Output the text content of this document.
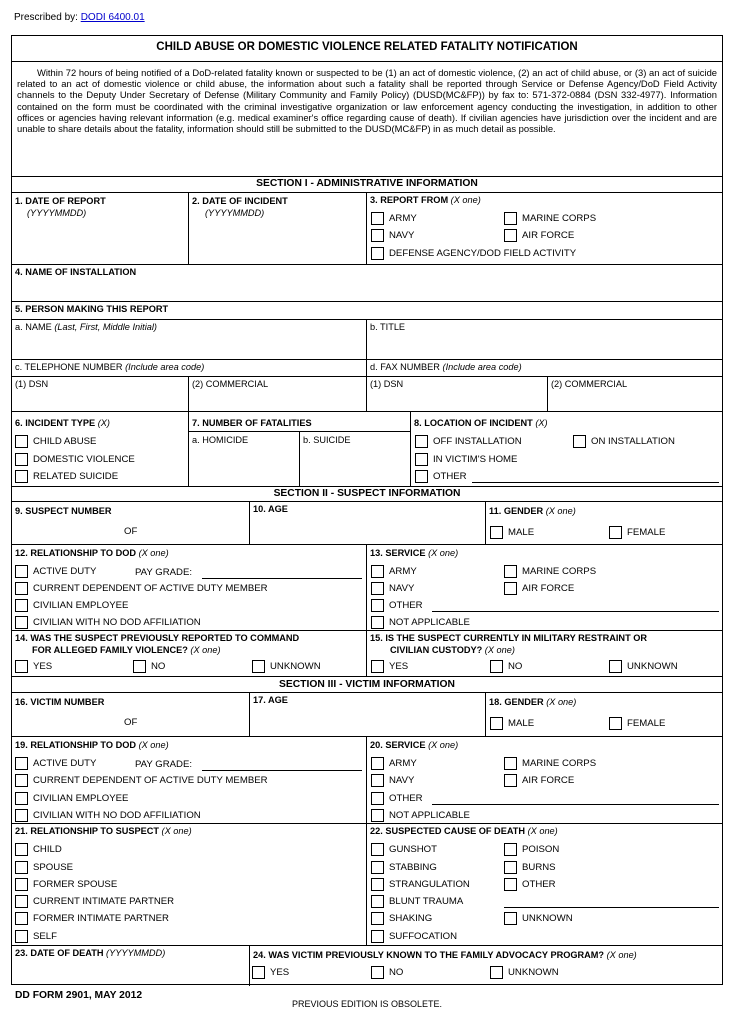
Prescribed by: DODI 6400.01
CHILD ABUSE OR DOMESTIC VIOLENCE RELATED FATALITY NOTIFICATION
Within 72 hours of being notified of a DoD-related fatality known or suspected to be (1) an act of domestic violence, (2) an act of child abuse, or (3) an act of suicide related to an act of domestic violence or child abuse, the information about such a fatality shall be reported through Service or Defense Agency/DoD Field Activity channels to the Deputy Under Secretary of Defense (Military Community and Family Policy) (DUSD(MC&FP)) by fax to: 571-372-0884 (DSN 332-4977). Information contained on the form must be coordinated with the criminal investigative organization or law enforcement agency conducting the investigation, in addition to other offices or agencies having relevant information (e.g. medical examiner's office regarding cause of death). If civilian agencies have jurisdiction over the incident and are unable to share details about the fatality, information should still be submitted to the DUSD(MC&FP) in as much detail as possible.
SECTION I - ADMINISTRATIVE INFORMATION
1. DATE OF REPORT
(YYYYMMDD)
2. DATE OF INCIDENT
(YYYYMMDD)
3. REPORT FROM (X one)
ARMY	MARINE CORPS
NAVY	AIR FORCE
DEFENSE AGENCY/DOD FIELD ACTIVITY
4. NAME OF INSTALLATION
5. PERSON MAKING THIS REPORT
a. NAME (Last, First, Middle Initial)	b. TITLE
c. TELEPHONE NUMBER (Include area code)	d. FAX NUMBER (Include area code)
(1) DSN	(2) COMMERCIAL	(1) DSN	(2) COMMERCIAL
6. INCIDENT TYPE (X)
CHILD ABUSE
DOMESTIC VIOLENCE
RELATED SUICIDE
7. NUMBER OF FATALITIES
a. HOMICIDE	b. SUICIDE
8. LOCATION OF INCIDENT (X)
OFF INSTALLATION	ON INSTALLATION
IN VICTIM'S HOME
OTHER
SECTION II - SUSPECT INFORMATION
9. SUSPECT NUMBER
OF
10. AGE	11. GENDER (X one)
MALE	FEMALE
12. RELATIONSHIP TO DOD (X one)
ACTIVE DUTY	PAY GRADE:
CURRENT DEPENDENT OF ACTIVE DUTY MEMBER
CIVILIAN EMPLOYEE
CIVILIAN WITH NO DOD AFFILIATION
13. SERVICE (X one)
ARMY	MARINE CORPS
NAVY	AIR FORCE
OTHER
NOT APPLICABLE
14. WAS THE SUSPECT PREVIOUSLY REPORTED TO COMMAND
FOR ALLEGED FAMILY VIOLENCE? (X one)
YES	NO	UNKNOWN
15. IS THE SUSPECT CURRENTLY IN MILITARY RESTRAINT OR
CIVILIAN CUSTODY? (X one)
YES	NO	UNKNOWN
SECTION III - VICTIM INFORMATION
16. VICTIM NUMBER
OF
17. AGE	18. GENDER (X one)
MALE	FEMALE
19. RELATIONSHIP TO DOD (X one)
ACTIVE DUTY	PAY GRADE:
CURRENT DEPENDENT OF ACTIVE DUTY MEMBER
CIVILIAN EMPLOYEE
CIVILIAN WITH NO DOD AFFILIATION
20. SERVICE (X one)
ARMY	MARINE CORPS
NAVY	AIR FORCE
OTHER
NOT APPLICABLE
21. RELATIONSHIP TO SUSPECT (X one)
CHILD
SPOUSE
FORMER SPOUSE
CURRENT INTIMATE PARTNER
FORMER INTIMATE PARTNER
SELF
22. SUSPECTED CAUSE OF DEATH (X one)
GUNSHOT	POISON
STABBING	BURNS
STRANGULATION	OTHER
BLUNT TRAUMA
SHAKING	UNKNOWN
SUFFOCATION
23. DATE OF DEATH (YYYYMMDD)	24. WAS VICTIM PREVIOUSLY KNOWN TO THE FAMILY ADVOCACY PROGRAM? (X one)
YES	NO	UNKNOWN
DD FORM 2901, MAY 2012
PREVIOUS EDITION IS OBSOLETE.
